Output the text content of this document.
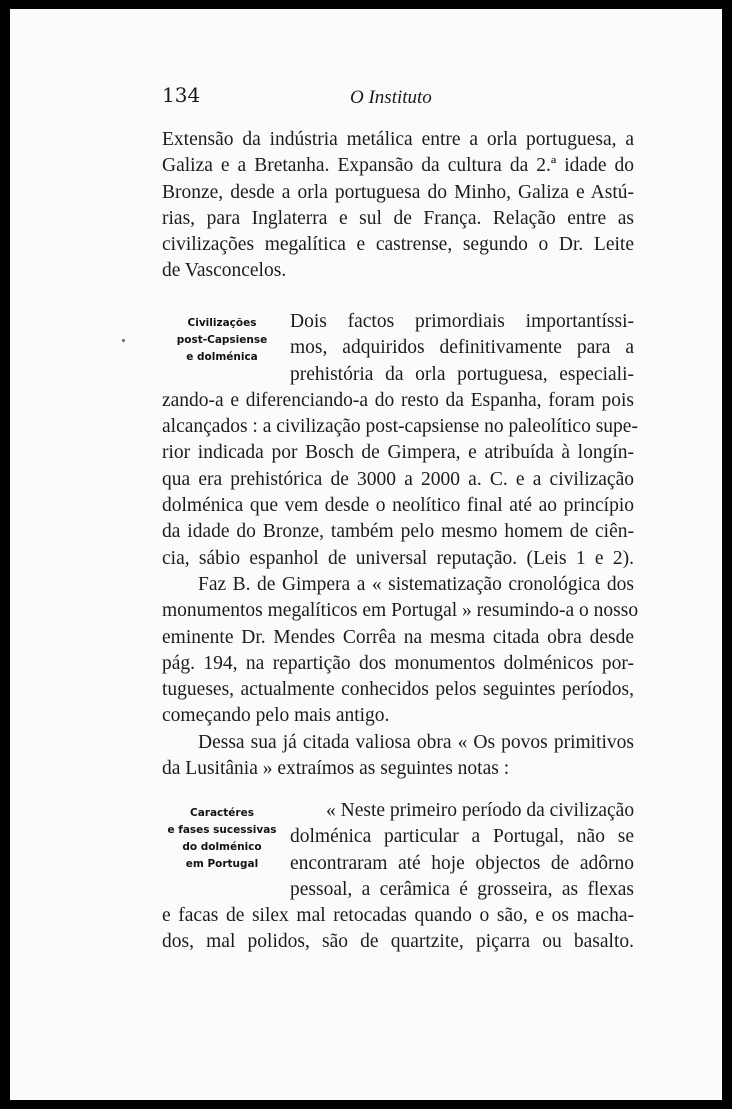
134	O Instituto

Extensão da indústria metálica entre a orla portuguesa, a
Galiza e a Bretanha. Expansão da cultura da 2.ª idade do
Bronze, desde a orla portuguesa do Minho, Galiza e Astú-
rias, para Inglaterra e sul de França. Relação entre as
civilizações megalítica e castrense, segundo o Dr. Leite
de Vasconcelos.

Civilizações
post-Capsiense
e dolménica

Dois factos primordiais importantíssi-
mos, adquiridos definitivamente para a
prehistória da orla portuguesa, especiali-
zando-a e diferenciando-a do resto da Espanha, foram pois
alcançados : a civilização post-capsiense no paleolítico supe-
rior indicada por Bosch de Gimpera, e atribuída à longín-
qua era prehistórica de 3000 a 2000 a. C. e a civilização
dolménica que vem desde o neolítico final até ao princípio
da idade do Bronze, também pelo mesmo homem de ciên-
cia, sábio espanhol de universal reputação. (Leis 1 e 2).

Faz B. de Gimpera a « sistematização cronológica dos
monumentos megalíticos em Portugal » resumindo-a o nosso
eminente Dr. Mendes Corrêa na mesma citada obra desde
pág. 194, na repartição dos monumentos dolménicos por-
tugueses, actualmente conhecidos pelos seguintes períodos,
começando pelo mais antigo.

Dessa sua já citada valiosa obra « Os povos primitivos
da Lusitânia » extraímos as seguintes notas :

Caractéres
e fases sucessivas
do dolménico
em Portugal

« Neste primeiro período da civilização
dolménica particular a Portugal, não se
encontraram até hoje objectos de adôrno
pessoal, a cerâmica é grosseira, as flexas
e facas de silex mal retocadas quando o são, e os macha-
dos, mal polidos, são de quartzite, piçarra ou basalto.
